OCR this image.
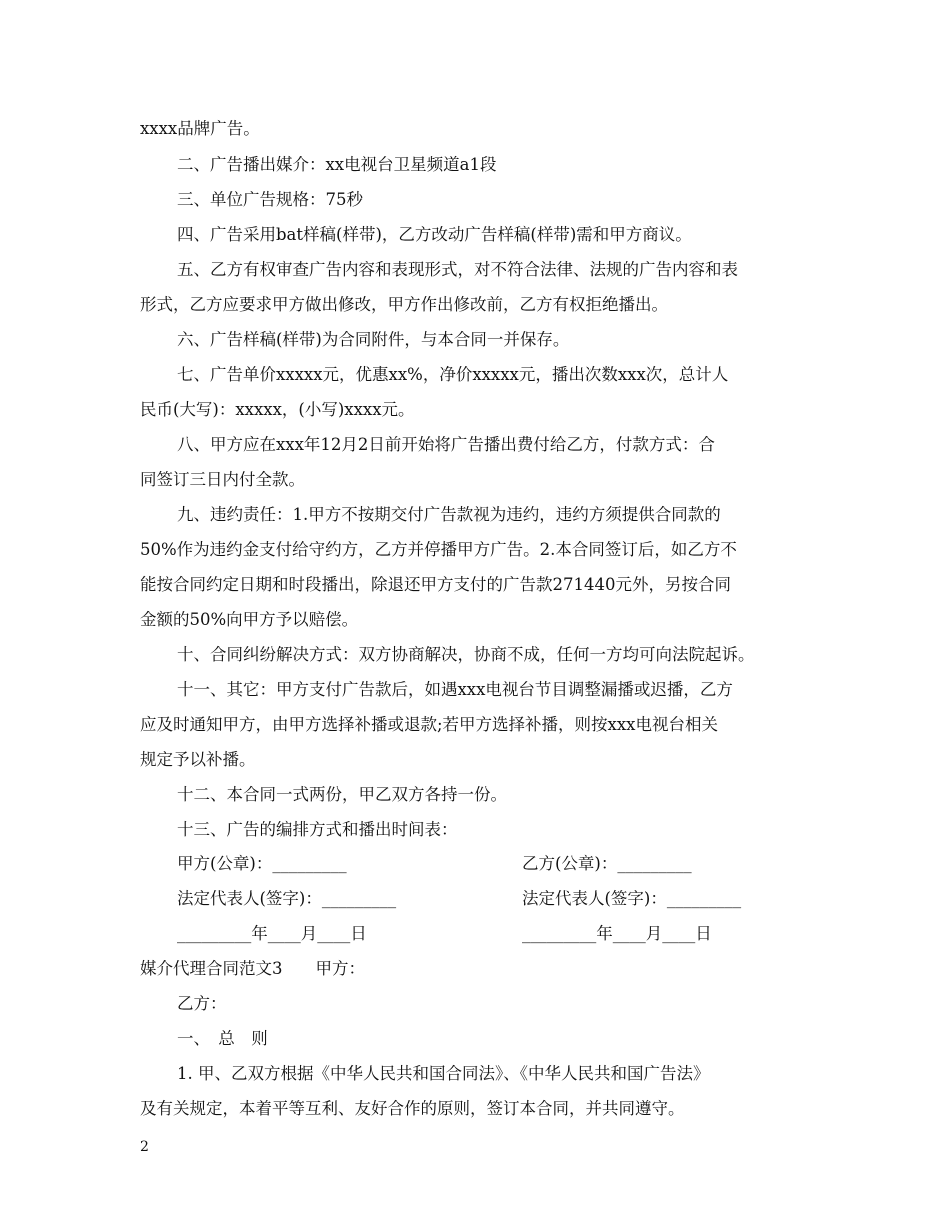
xxxx品牌广告。
二、广告播出媒介：xx电视台卫星频道a1段
三、单位广告规格：75秒
四、广告采用bat样稿(样带)，乙方改动广告样稿(样带)需和甲方商议。
五、乙方有权审查广告内容和表现形式，对不符合法律、法规的广告内容和表
形式，乙方应要求甲方做出修改，甲方作出修改前，乙方有权拒绝播出。
六、广告样稿(样带)为合同附件，与本合同一并保存。
七、广告单价xxxxx元，优惠xx%，净价xxxxx元，播出次数xxx次，总计人
民币(大写)：xxxxx，(小写)xxxx元。
八、甲方应在xxx年12月2日前开始将广告播出费付给乙方，付款方式：合
同签订三日内付全款。
九、违约责任：1.甲方不按期交付广告款视为违约，违约方须提供合同款的
50%作为违约金支付给守约方，乙方并停播甲方广告。2.本合同签订后，如乙方不
能按合同约定日期和时段播出，除退还甲方支付的广告款271440元外，另按合同
金额的50%向甲方予以赔偿。
十、合同纠纷解决方式：双方协商解决，协商不成，任何一方均可向法院起诉。
十一、其它：甲方支付广告款后，如遇xxx电视台节目调整漏播或迟播，乙方
应及时通知甲方，由甲方选择补播或退款;若甲方选择补播，则按xxx电视台相关
规定予以补播。
十二、本合同一式两份，甲乙双方各持一份。
十三、广告的编排方式和播出时间表：
甲方(公章)：_________	乙方(公章)：_________
法定代表人(签字)：_________	法定代表人(签字)：_________
_________年____月____日	_________年____月____日
媒介代理合同范文3　　甲方：
乙方：
一、　总　则
1. 甲、乙双方根据《中华人民共和国合同法》、《中华人民共和国广告法》
及有关规定，本着平等互利、友好合作的原则，签订本合同，并共同遵守。
2
